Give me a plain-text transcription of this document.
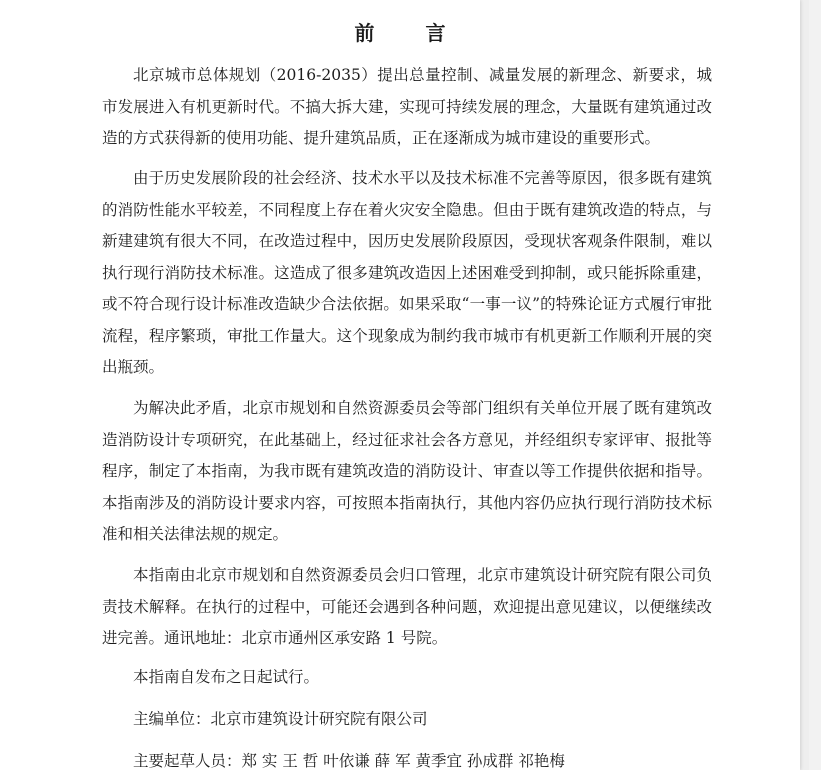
前 言

北京城市总体规划（2016-2035）提出总量控制、减量发展的新理念、新要求，城市发展进入有机更新时代。不搞大拆大建，实现可持续发展的理念，大量既有建筑通过改造的方式获得新的使用功能、提升建筑品质，正在逐渐成为城市建设的重要形式。

由于历史发展阶段的社会经济、技术水平以及技术标准不完善等原因，很多既有建筑的消防性能水平较差，不同程度上存在着火灾安全隐患。但由于既有建筑改造的特点，与新建建筑有很大不同，在改造过程中，因历史发展阶段原因，受现状客观条件限制，难以执行现行消防技术标准。这造成了很多建筑改造因上述困难受到抑制，或只能拆除重建，或不符合现行设计标准改造缺少合法依据。如果采取“一事一议”的特殊论证方式履行审批流程，程序繁琐，审批工作量大。这个现象成为制约我市城市有机更新工作顺利开展的突出瓶颈。

为解决此矛盾，北京市规划和自然资源委员会等部门组织有关单位开展了既有建筑改造消防设计专项研究，在此基础上，经过征求社会各方意见，并经组织专家评审、报批等程序，制定了本指南，为我市既有建筑改造的消防设计、审查以等工作提供依据和指导。本指南涉及的消防设计要求内容，可按照本指南执行，其他内容仍应执行现行消防技术标准和相关法律法规的规定。

本指南由北京市规划和自然资源委员会归口管理，北京市建筑设计研究院有限公司负责技术解释。在执行的过程中，可能还会遇到各种问题，欢迎提出意见建议，以便继续改进完善。通讯地址：北京市通州区承安路 1 号院。

本指南自发布之日起试行。

主编单位：北京市建筑设计研究院有限公司

主要起草人员：郑 实 王 哲 叶依谦 薛 军 黄季宜 孙成群 祁艳梅
